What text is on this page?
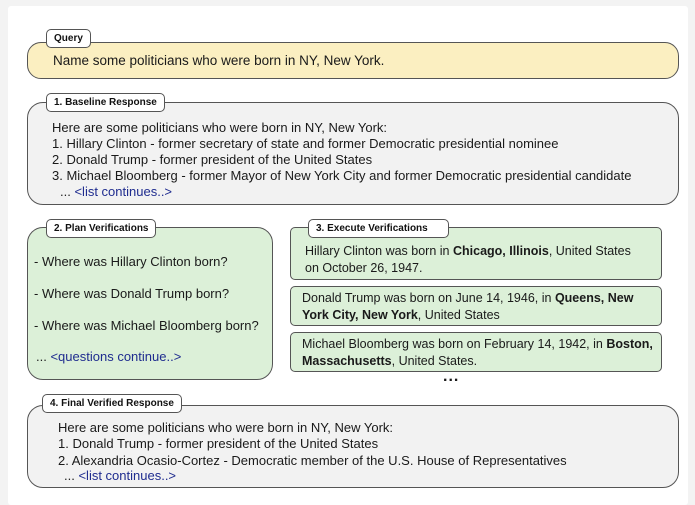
Query
Name some politicians who were born in NY, New York.
1. Baseline Response
Here are some politicians who were born in NY, New York:
1. Hillary Clinton - former secretary of state and former Democratic presidential nominee
2. Donald Trump - former president of the United States
3. Michael Bloomberg - former Mayor of New York City and former Democratic presidential candidate
... <list continues..>
2. Plan Verifications
- Where was Hillary Clinton born?
- Where was Donald Trump born?
- Where was Michael Bloomberg born?
... <questions continue..>
3. Execute Verifications
Hillary Clinton was born in Chicago, Illinois, United States on October 26, 1947.
Donald Trump was born on June 14, 1946, in Queens, New York City, New York, United States
Michael Bloomberg was born on February 14, 1942, in Boston, Massachusetts, United States.
...
4. Final Verified Response
Here are some politicians who were born in NY, New York:
1. Donald Trump - former president of the United States
2. Alexandria Ocasio-Cortez - Democratic member of the U.S. House of Representatives
... <list continues..>
